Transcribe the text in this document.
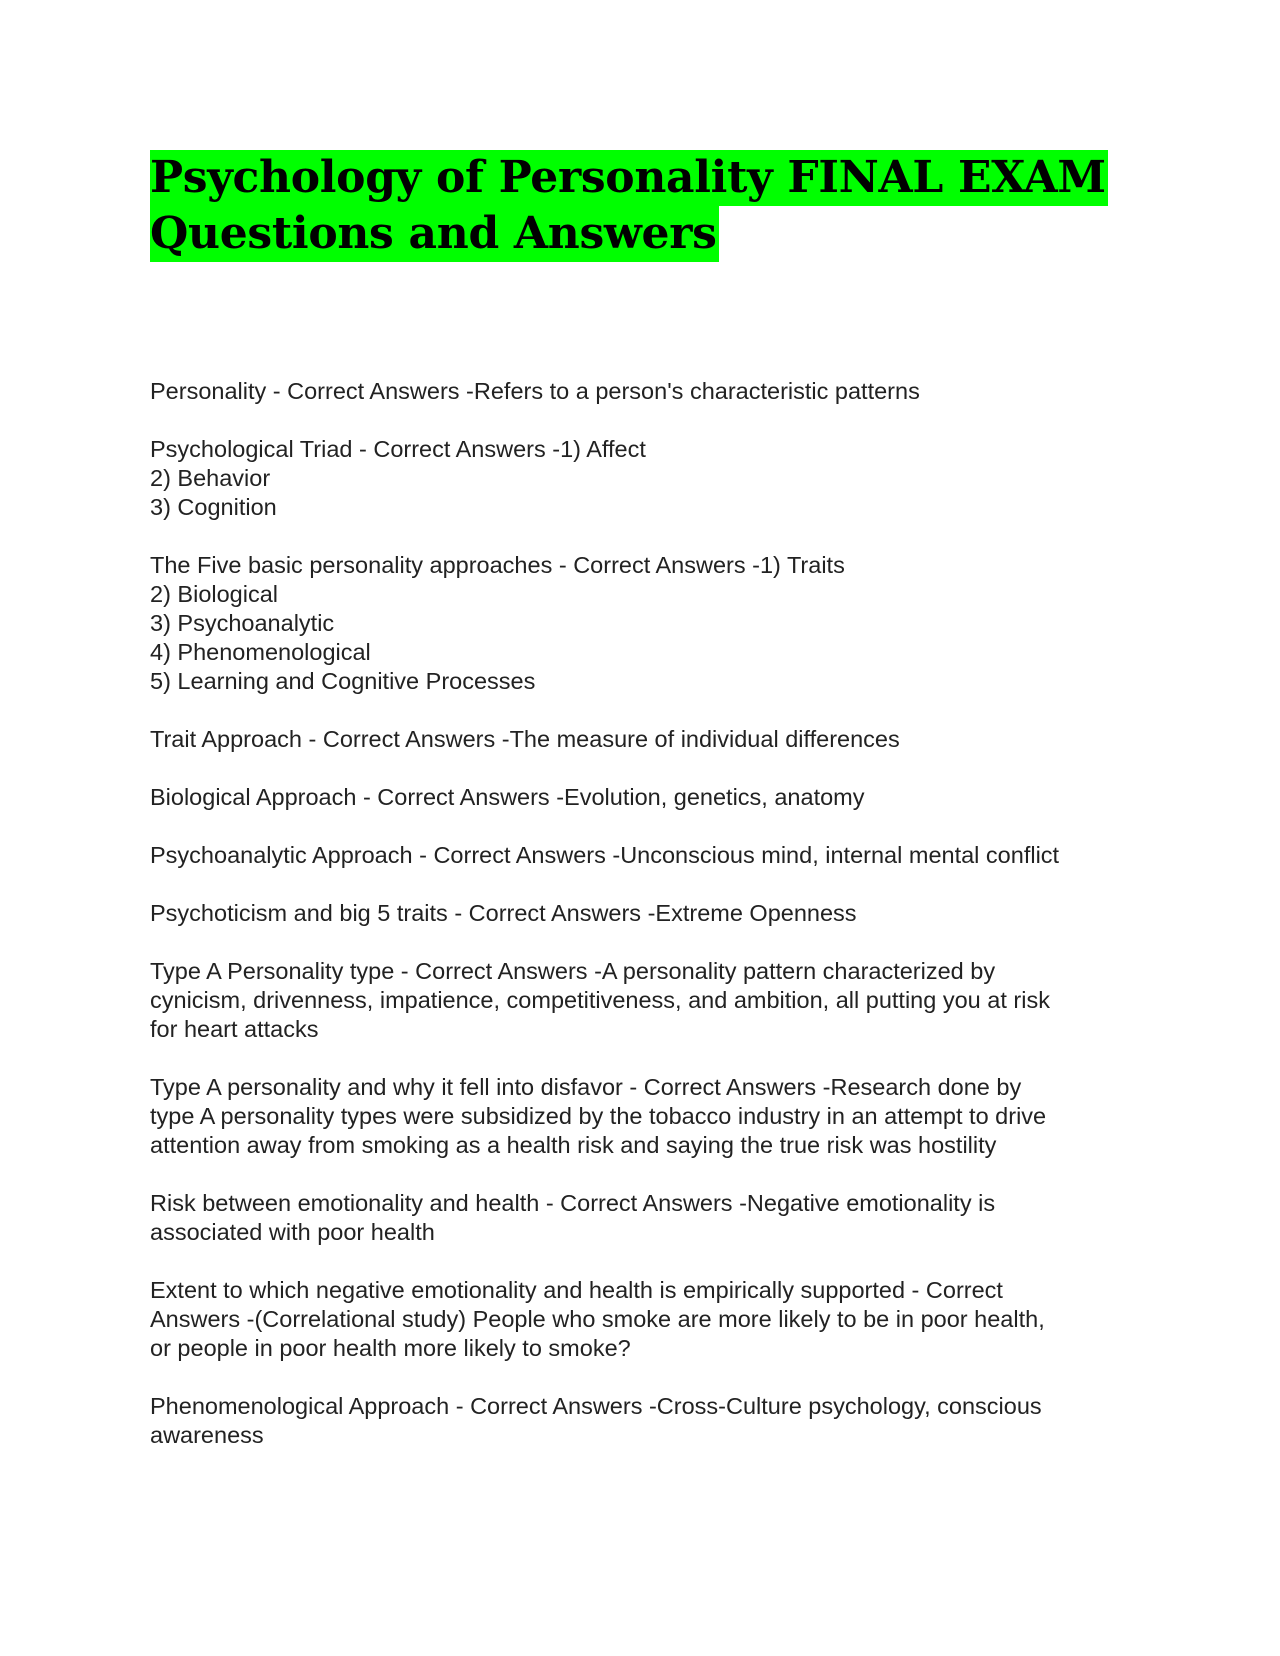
Psychology of Personality FINAL EXAM
Questions and Answers

Personality - Correct Answers -Refers to a person's characteristic patterns

Psychological Triad - Correct Answers -1) Affect

2) Behavior

3) Cognition

The Five basic personality approaches - Correct Answers -1) Traits

2) Biological

3) Psychoanalytic

4) Phenomenological

5) Learning and Cognitive Processes

Trait Approach - Correct Answers -The measure of individual differences

Biological Approach - Correct Answers -Evolution, genetics, anatomy

Psychoanalytic Approach - Correct Answers -Unconscious mind, internal mental conflict

Psychoticism and big 5 traits - Correct Answers -Extreme Openness

Type A Personality type - Correct Answers -A personality pattern characterized by

cynicism, drivenness, impatience, competitiveness, and ambition, all putting you at risk

for heart attacks

Type A personality and why it fell into disfavor - Correct Answers -Research done by

type A personality types were subsidized by the tobacco industry in an attempt to drive

attention away from smoking as a health risk and saying the true risk was hostility

Risk between emotionality and health - Correct Answers -Negative emotionality is

associated with poor health

Extent to which negative emotionality and health is empirically supported - Correct

Answers -(Correlational study) People who smoke are more likely to be in poor health,

or people in poor health more likely to smoke?

Phenomenological Approach - Correct Answers -Cross-Culture psychology, conscious

awareness
